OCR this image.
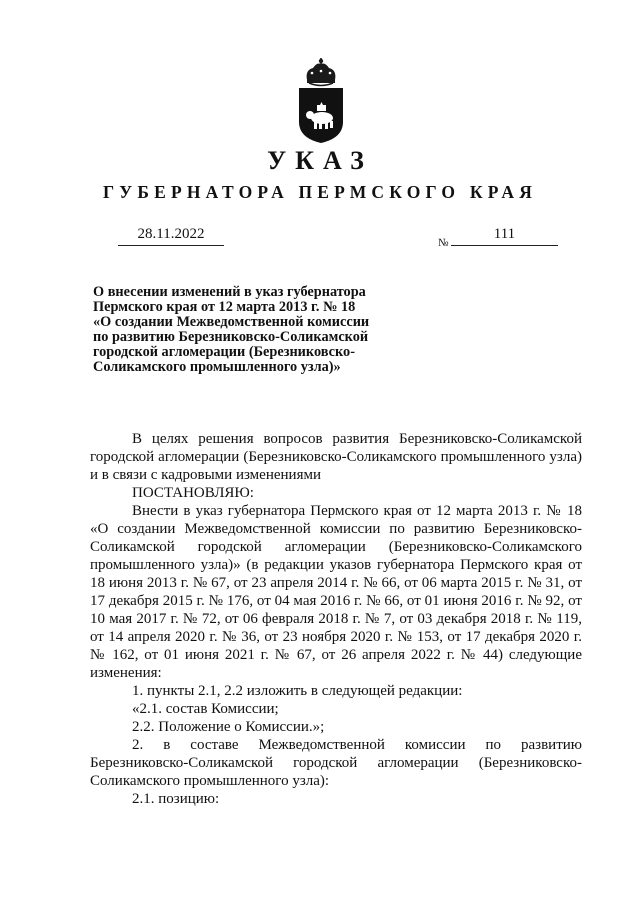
УКАЗ
ГУБЕРНАТОРА ПЕРМСКОГО КРАЯ
28.11.2022
№
111
О внесении изменений в указ губернатора
Пермского края от 12 марта 2013 г. № 18
«О создании Межведомственной комиссии
по развитию Березниковско-Соликамской
городской агломерации (Березниковско-
Соликамского промышленного узла)»

В целях решения вопросов развития Березниковско-Соликамской городской агломерации (Березниковско-Соликамского промышленного узла) и в связи с кадровыми изменениями

ПОСТАНОВЛЯЮ:

Внести в указ губернатора Пермского края от 12 марта 2013 г. № 18 «О создании Межведомственной комиссии по развитию Березниковско-Соликамской городской агломерации (Березниковско-Соликамского промышленного узла)» (в редакции указов губернатора Пермского края от 18 июня 2013 г. № 67, от 23 апреля 2014 г. № 66, от 06 марта 2015 г. № 31, от 17 декабря 2015 г. № 176, от 04 мая 2016 г. № 66, от 01 июня 2016 г. № 92, от 10 мая 2017 г. № 72, от 06 февраля 2018 г. № 7, от 03 декабря 2018 г. № 119, от 14 апреля 2020 г. № 36, от 23 ноября 2020 г. № 153, от 17 декабря 2020 г. № 162, от 01 июня 2021 г. № 67, от 26 апреля 2022 г. № 44) следующие изменения:

1. пункты 2.1, 2.2 изложить в следующей редакции:

«2.1. состав Комиссии;

2.2. Положение о Комиссии.»;

2. в составе Межведомственной комиссии по развитию Березниковско-Соликамской городской агломерации (Березниковско-Соликамского промышленного узла):

2.1. позицию:
